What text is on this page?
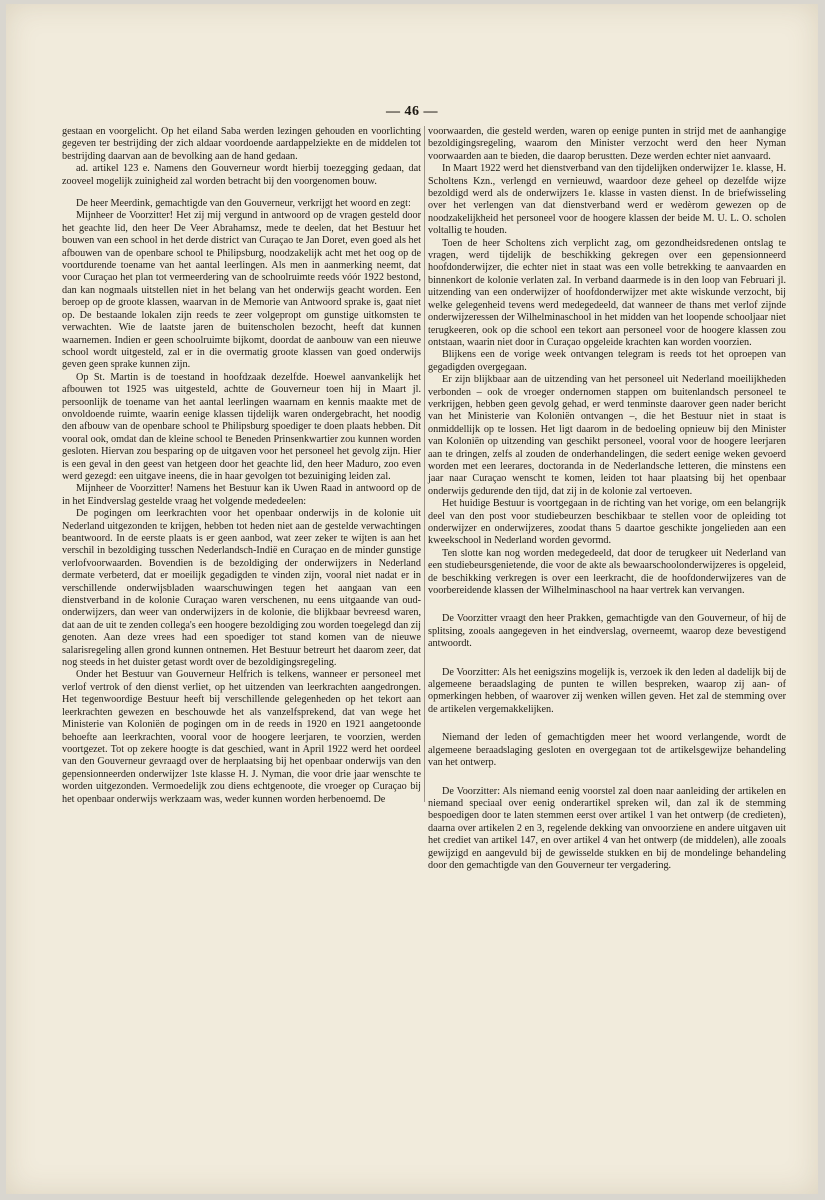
— 46 —

gestaan en voorgelicht. Op het eiland Saba werden lezingen gehouden en voorlichting gegeven ter bestrijding der zich aldaar voordoende aardappelziekte en de middelen tot bestrijding daarvan aan de bevolking aan de hand gedaan.

ad. artikel 123 e. Namens den Gouverneur wordt hierbij toezegging gedaan, dat zooveel mogelijk zuinigheid zal worden betracht bij den voorgenomen bouw.

De heer Meerdink, gemachtigde van den Gouverneur, verkrijgt het woord en zegt:

Mijnheer de Voorzitter! Het zij mij vergund in antwoord op de vragen gesteld door het geachte lid, den heer De Veer Abrahamsz, mede te deelen, dat het Bestuur het bouwen van een school in het derde district van Curaçao te Jan Doret, even goed als het afbouwen van de openbare school te Philipsburg, noodzakelijk acht met het oog op de voortdurende toename van het aantal leerlingen. Als men in aanmerking neemt, dat voor Curaçao het plan tot vermeerdering van de schoolruimte reeds vóór 1922 bestond, dan kan nogmaals uitstellen niet in het belang van het onderwijs geacht worden. Een beroep op de groote klassen, waarvan in de Memorie van Antwoord sprake is, gaat niet op. De bestaande lokalen zijn reeds te zeer volgepropt om gunstige uitkomsten te verwachten. Wie de laatste jaren de buitenscholen bezocht, heeft dat kunnen waarnemen. Indien er geen schoolruimte bijkomt, doordat de aanbouw van een nieuwe school wordt uitgesteld, zal er in die overmatig groote klassen van goed onderwijs geven geen sprake kunnen zijn.

Op St. Martin is de toestand in hoofdzaak dezelfde. Hoewel aanvankelijk het afbouwen tot 1925 was uitgesteld, achtte de Gouverneur toen hij in Maart jl. persoonlijk de toename van het aantal leerlingen waarnam en kennis maakte met de onvoldoende ruimte, waarin eenige klassen tijdelijk waren ondergebracht, het noodig den afbouw van de openbare school te Philipsburg spoediger te doen plaats hebben. Dit vooral ook, omdat dan de kleine school te Beneden Prinsenkwartier zou kunnen worden gesloten. Hiervan zou besparing op de uitgaven voor het personeel het gevolg zijn. Hier is een geval in den geest van hetgeen door het geachte lid, den heer Maduro, zoo even werd gezegd: een uitgave ineens, die in haar gevolgen tot bezuiniging leiden zal.

Mijnheer de Voorzitter! Namens het Bestuur kan ik Uwen Raad in antwoord op de in het Eindverslag gestelde vraag het volgende mededeelen:

De pogingen om leerkrachten voor het openbaar onderwijs in de kolonie uit Nederland uitgezonden te krijgen, hebben tot heden niet aan de gestelde verwachtingen beantwoord. In de eerste plaats is er geen aanbod, wat zeer zeker te wijten is aan het verschil in bezoldiging tusschen Nederlandsch-Indië en Curaçao en de minder gunstige verlofvoorwaarden. Bovendien is de bezoldiging der onderwijzers in Nederland dermate verbeterd, dat er moeilijk gegadigden te vinden zijn, vooral niet nadat er in verschillende onderwijsbladen waarschuwingen tegen het aangaan van een dienstverband in de kolonie Curaçao waren verschenen, nu eens uitgaande van oud-onderwijzers, dan weer van onderwijzers in de kolonie, die blijkbaar bevreesd waren, dat aan de uit te zenden collega's een hoogere bezoldiging zou worden toegelegd dan zij genoten. Aan deze vrees had een spoediger tot stand komen van de nieuwe salarisregeling allen grond kunnen ontnemen. Het Bestuur betreurt het daarom zeer, dat nog steeds in het duister getast wordt over de bezoldigingsregeling.

Onder het Bestuur van Gouverneur Helfrich is telkens, wanneer er personeel met verlof vertrok of den dienst verliet, op het uitzenden van leerkrachten aangedrongen. Het tegenwoordige Bestuur heeft bij verschillende gelegenheden op het tekort aan leerkrachten gewezen en beschouwde het als vanzelfsprekend, dat van wege het Ministerie van Koloniën de pogingen om in de reeds in 1920 en 1921 aangetoonde behoefte aan leerkrachten, vooral voor de hoogere leerjaren, te voorzien, werden voortgezet. Tot op zekere hoogte is dat geschied, want in April 1922 werd het oordeel van den Gouverneur gevraagd over de herplaatsing bij het openbaar onderwijs van den gepensionneerden onderwijzer 1ste klasse H. J. Nyman, die voor drie jaar wenschte te worden uitgezonden. Vermoedelijk zou diens echtgenoote, die vroeger op Curaçao bij het openbaar onderwijs werkzaam was, weder kunnen worden herbenoemd. De

voorwaarden, die gesteld werden, waren op eenige punten in strijd met de aanhangige bezoldigingsregeling, waarom den Minister verzocht werd den heer Nyman voorwaarden aan te bieden, die daarop berustten. Deze werden echter niet aanvaard.

In Maart 1922 werd het dienstverband van den tijdelijken onderwijzer 1e. klasse, H. Scholtens Kzn., verlengd en vernieuwd, waardoor deze geheel op dezelfde wijze bezoldigd werd als de onderwijzers 1e. klasse in vasten dienst. In de briefwisseling over het verlengen van dat dienstverband werd er wedèrom gewezen op de noodzakelijkheid het personeel voor de hoogere klassen der beide M. U. L. O. scholen voltallig te houden.

Toen de heer Scholtens zich verplicht zag, om gezondheidsredenen ontslag te vragen, werd tijdelijk de beschikking gekregen over een gepensionneerd hoofdonderwijzer, die echter niet in staat was een volle betrekking te aanvaarden en binnenkort de kolonie verlaten zal. In verband daarmede is in den loop van Februari jl. uitzending van een onderwijzer of hoofdonderwijzer met akte wiskunde verzocht, bij welke gelegenheid tevens werd medegedeeld, dat wanneer de thans met verlof zijnde onderwijzeressen der Wilhelminaschool in het midden van het loopende schooljaar niet terugkeeren, ook op die school een tekort aan personeel voor de hoogere klassen zou ontstaan, waarin niet door in Curaçao opgeleide krachten kan worden voorzien.

Blijkens een de vorige week ontvangen telegram is reeds tot het oproepen van gegadigden overgegaan.

Er zijn blijkbaar aan de uitzending van het personeel uit Nederland moeilijkheden verbonden – ook de vroeger ondernomen stappen om buitenlandsch personeel te verkrijgen, hebben geen gevolg gehad, er werd tenminste daarover geen nader bericht van het Ministerie van Koloniën ontvangen –, die het Bestuur niet in staat is onmiddellijk op te lossen. Het ligt daarom in de bedoeling opnieuw bij den Minister van Koloniën op uitzending van geschikt personeel, vooral voor de hoogere leerjaren aan te dringen, zelfs al zouden de onderhandelingen, die sedert eenige weken gevoerd worden met een leerares, doctoranda in de Nederlandsche letteren, die minstens een jaar naar Curaçao wenscht te komen, leiden tot haar plaatsing bij het openbaar onderwijs gedurende den tijd, dat zij in de kolonie zal vertoeven.

Het huidige Bestuur is voortgegaan in de richting van het vorige, om een belangrijk deel van den post voor studiebeurzen beschikbaar te stellen voor de opleiding tot onderwijzer en onderwijzeres, zoodat thans 5 daartoe geschikte jongelieden aan een kweekschool in Nederland worden gevormd.

Ten slotte kan nog worden medegedeeld, dat door de terugkeer uit Nederland van een studiebeursgenietende, die voor de akte als bewaarschoolonderwijzeres is opgeleid, de beschikking verkregen is over een leerkracht, die de hoofdonderwijzeres van de voorbereidende klassen der Wilhelminaschool na haar vertrek kan vervangen.

De Voorzitter vraagt den heer Prakken, gemachtigde van den Gouverneur, of hij de splitsing, zooals aangegeven in het eindverslag, overneemt, waarop deze bevestigend antwoordt.

De Voorzitter: Als het eenigszins mogelijk is, verzoek ik den leden al dadelijk bij de algemeene beraadslaging de punten te willen bespreken, waarop zij aan- of opmerkingen hebben, of waarover zij wenken willen geven. Het zal de stemming over de artikelen vergemakkelijken.

Niemand der leden of gemachtigden meer het woord verlangende, wordt de algemeene beraadslaging gesloten en overgegaan tot de artikelsgewijze behandeling van het ontwerp.

De Voorzitter: Als niemand eenig voorstel zal doen naar aanleiding der artikelen en niemand speciaal over eenig onderartikel spreken wil, dan zal ik de stemming bespoedigen door te laten stemmen eerst over artikel 1 van het ontwerp (de credieten), daarna over artikelen 2 en 3, regelende dekking van onvoorziene en andere uitgaven uit het crediet van artikel 147, en over artikel 4 van het ontwerp (de middelen), alle zooals gewijzigd en aangevuld bij de gewisselde stukken en bij de mondelinge behandeling door den gemachtigde van den Gouverneur ter vergadering.
